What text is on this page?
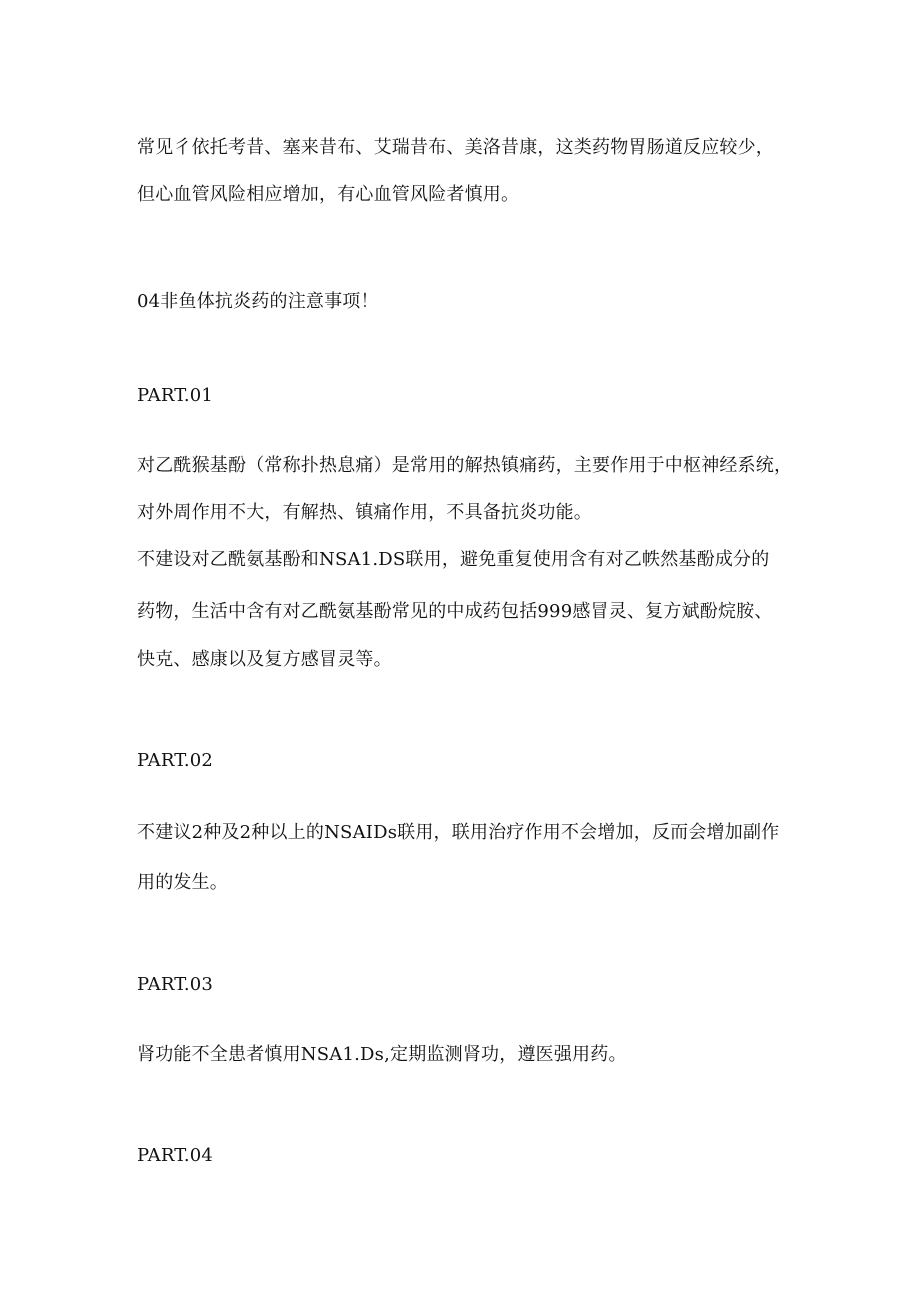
常见彳依托考昔、塞来昔布、艾瑞昔布、美洛昔康，这类药物胃肠道反应较少，
但心血管风险相应增加，有心血管风险者慎用。
04非鱼体抗炎药的注意事项！
PART.01
对乙酰猴基酚（常称扑热息痛）是常用的解热镇痛药，主要作用于中枢神经系统，
对外周作用不大，有解热、镇痛作用，不具备抗炎功能。
不建设对乙酰氨基酚和NSA1.DS联用，避免重复使用含有对乙帙然基酚成分的
药物，生活中含有对乙酰氨基酚常见的中成药包括999感冒灵、复方斌酚烷胺、
快克、感康以及复方感冒灵等。
PART.02
不建议2种及2种以上的NSAIDs联用，联用治疗作用不会增加，反而会增加副作
用的发生。
PART.03
肾功能不全患者慎用NSA1.Ds,定期监测肾功，遵医强用药。
PART.04
